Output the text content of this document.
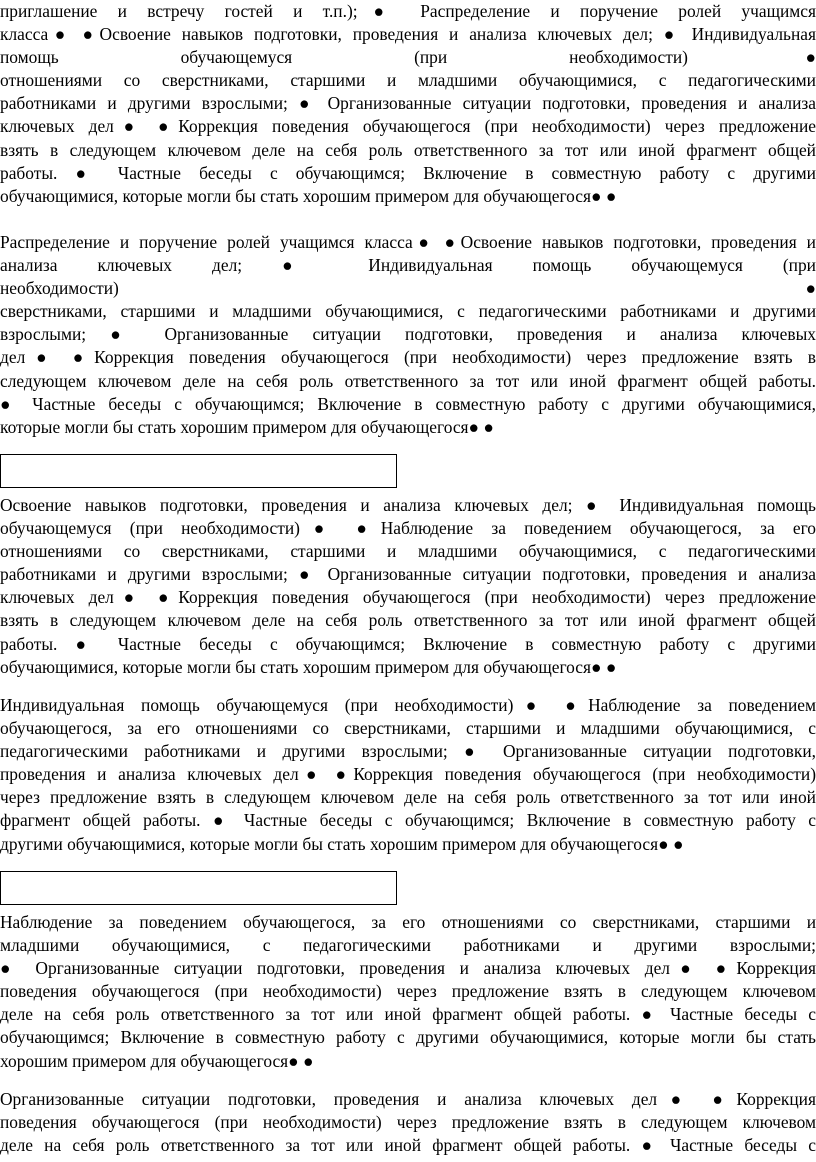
приглашение и встречу гостей и т.п.);● Распределение и поручение ролей учащимся
класса● ●Освоение навыков подготовки, проведения и анализа ключевых дел; ● Индивидуальная
помощь обучающемуся (при необходимости)●
отношениями со сверстниками, старшими и младшими обучающимися, с педагогическими
работниками и другими взрослыми; ● Организованные ситуации подготовки, проведения и анализа
ключевых дел● ●Коррекция поведения обучающегося (при необходимости) через предложение
взять в следующем ключевом деле на себя роль ответственного за тот или иной фрагмент общей
работы. ● Частные беседы с обучающимся; Включение в совместную работу с другими
обучающимися, которые могли бы стать хорошим примером для обучающегося● ●

Распределение и поручение ролей учащимся класса● ●Освоение навыков подготовки, проведения и
анализа ключевых дел; ● Индивидуальная помощь обучающемуся (при
необходимости)●
сверстниками, старшими и младшими обучающимися, с педагогическими работниками и другими
взрослыми; ● Организованные ситуации подготовки, проведения и анализа ключевых
дел● ●Коррекция поведения обучающегося (при необходимости) через предложение взять в
следующем ключевом деле на себя роль ответственного за тот или иной фрагмент общей работы.
● Частные беседы с обучающимся; Включение в совместную работу с другими обучающимися,
которые могли бы стать хорошим примером для обучающегося● ●

Освоение навыков подготовки, проведения и анализа ключевых дел; ● Индивидуальная помощь
обучающемуся (при необходимости)● ●Наблюдение за поведением обучающегося, за его
отношениями со сверстниками, старшими и младшими обучающимися, с педагогическими
работниками и другими взрослыми; ● Организованные ситуации подготовки, проведения и анализа
ключевых дел● ●Коррекция поведения обучающегося (при необходимости) через предложение
взять в следующем ключевом деле на себя роль ответственного за тот или иной фрагмент общей
работы. ● Частные беседы с обучающимся; Включение в совместную работу с другими
обучающимися, которые могли бы стать хорошим примером для обучающегося● ●

Индивидуальная помощь обучающемуся (при необходимости)● ●Наблюдение за поведением
обучающегося, за его отношениями со сверстниками, старшими и младшими обучающимися, с
педагогическими работниками и другими взрослыми; ● Организованные ситуации подготовки,
проведения и анализа ключевых дел● ●Коррекция поведения обучающегося (при необходимости)
через предложение взять в следующем ключевом деле на себя роль ответственного за тот или иной
фрагмент общей работы. ● Частные беседы с обучающимся; Включение в совместную работу с
другими обучающимися, которые могли бы стать хорошим примером для обучающегося● ●

Наблюдение за поведением обучающегося, за его отношениями со сверстниками, старшими и
младшими обучающимися, с педагогическими работниками и другими взрослыми;
● Организованные ситуации подготовки, проведения и анализа ключевых дел● ●Коррекция
поведения обучающегося (при необходимости) через предложение взять в следующем ключевом
деле на себя роль ответственного за тот или иной фрагмент общей работы. ● Частные беседы с
обучающимся; Включение в совместную работу с другими обучающимися, которые могли бы стать
хорошим примером для обучающегося● ●

Организованные ситуации подготовки, проведения и анализа ключевых дел● ●Коррекция
поведения обучающегося (при необходимости) через предложение взять в следующем ключевом
деле на себя роль ответственного за тот или иной фрагмент общей работы. ● Частные беседы с
